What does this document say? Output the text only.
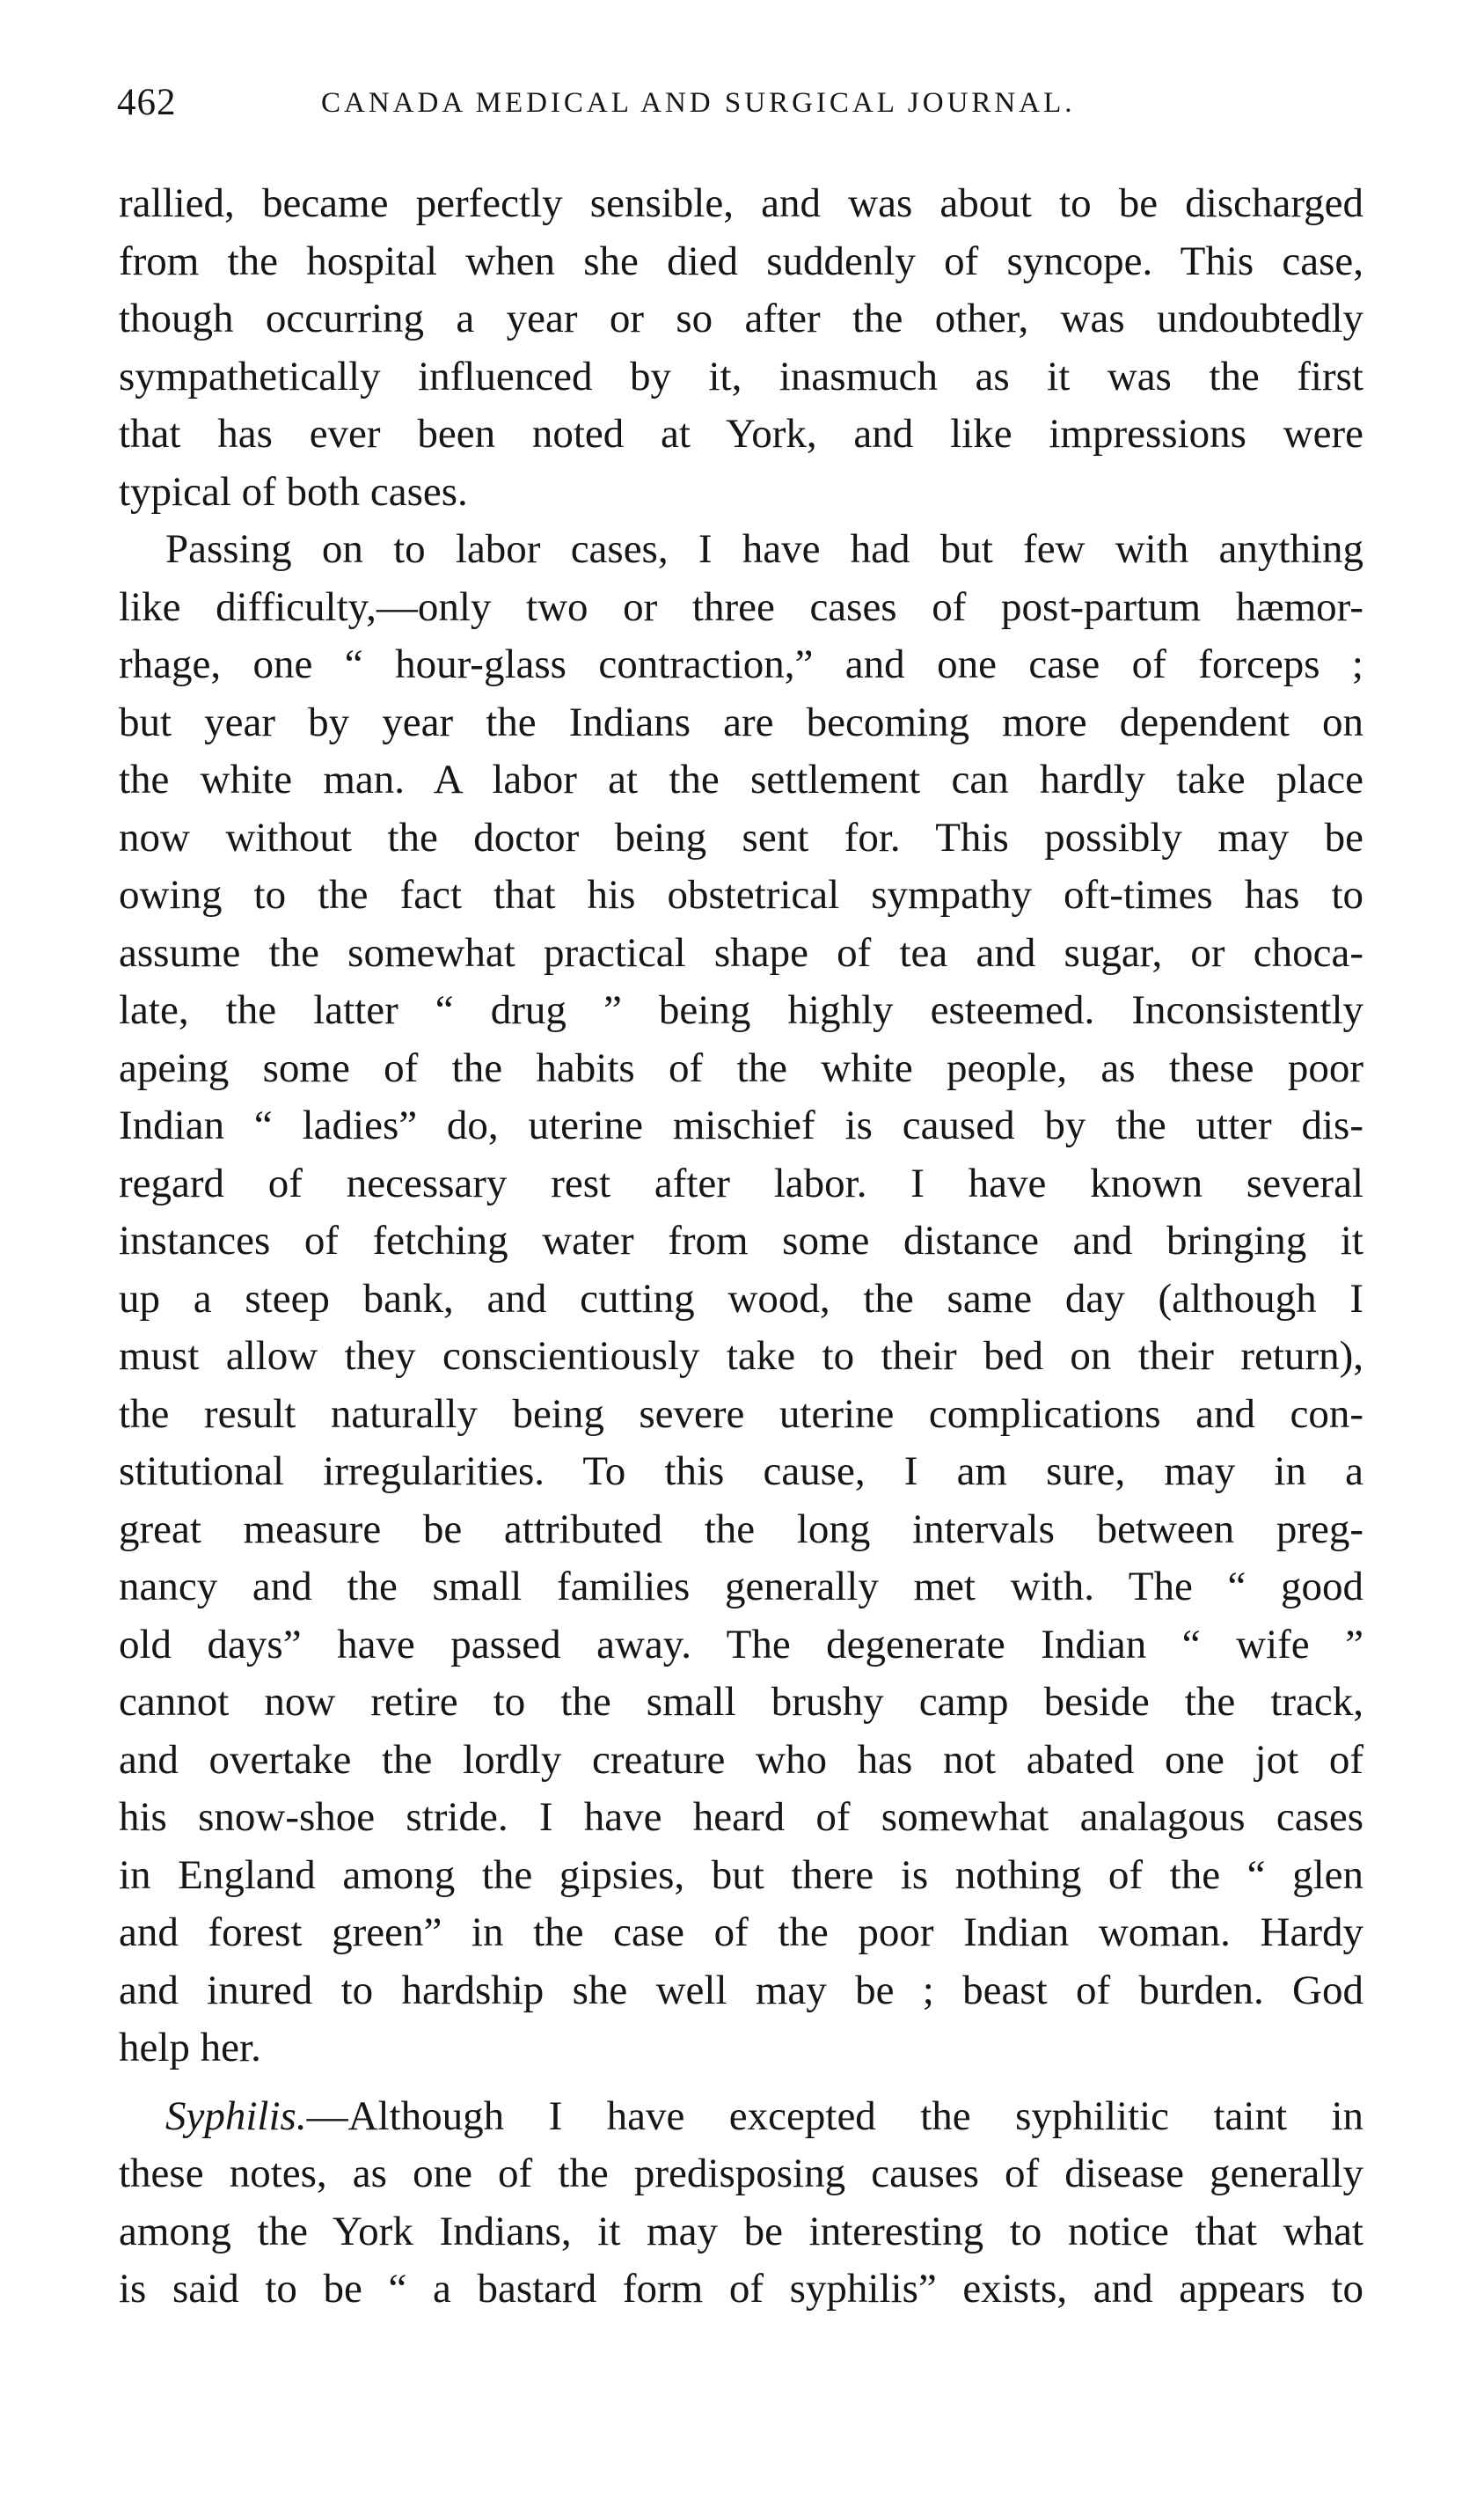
462	CANADA MEDICAL AND SURGICAL JOURNAL.
rallied, became perfectly sensible, and was about to be discharged
from the hospital when she died suddenly of syncope. This case,
though occurring a year or so after the other, was undoubtedly
sympathetically influenced by it, inasmuch as it was the first
that has ever been noted at York, and like impressions were
typical of both cases.
Passing on to labor cases, I have had but few with anything
like difficulty,—only two or three cases of post-partum hæmor-
rhage, one “ hour-glass contraction,” and one case of forceps ;
but year by year the Indians are becoming more dependent on
the white man. A labor at the settlement can hardly take place
now without the doctor being sent for. This possibly may be
owing to the fact that his obstetrical sympathy oft-times has to
assume the somewhat practical shape of tea and sugar, or choca-
late, the latter “ drug ” being highly esteemed. Inconsistently
apeing some of the habits of the white people, as these poor
Indian “ ladies” do, uterine mischief is caused by the utter dis-
regard of necessary rest after labor. I have known several
instances of fetching water from some distance and bringing it
up a steep bank, and cutting wood, the same day (although I
must allow they conscientiously take to their bed on their return),
the result naturally being severe uterine complications and con-
stitutional irregularities. To this cause, I am sure, may in a
great measure be attributed the long intervals between preg-
nancy and the small families generally met with. The “ good
old days” have passed away. The degenerate Indian “ wife ”
cannot now retire to the small brushy camp beside the track,
and overtake the lordly creature who has not abated one jot of
his snow-shoe stride. I have heard of somewhat analagous cases
in England among the gipsies, but there is nothing of the “ glen
and forest green” in the case of the poor Indian woman. Hardy
and inured to hardship she well may be ; beast of burden. God
help her.
Syphilis.—Although I have excepted the syphilitic taint in
these notes, as one of the predisposing causes of disease generally
among the York Indians, it may be interesting to notice that what
is said to be “ a bastard form of syphilis” exists, and appears to
